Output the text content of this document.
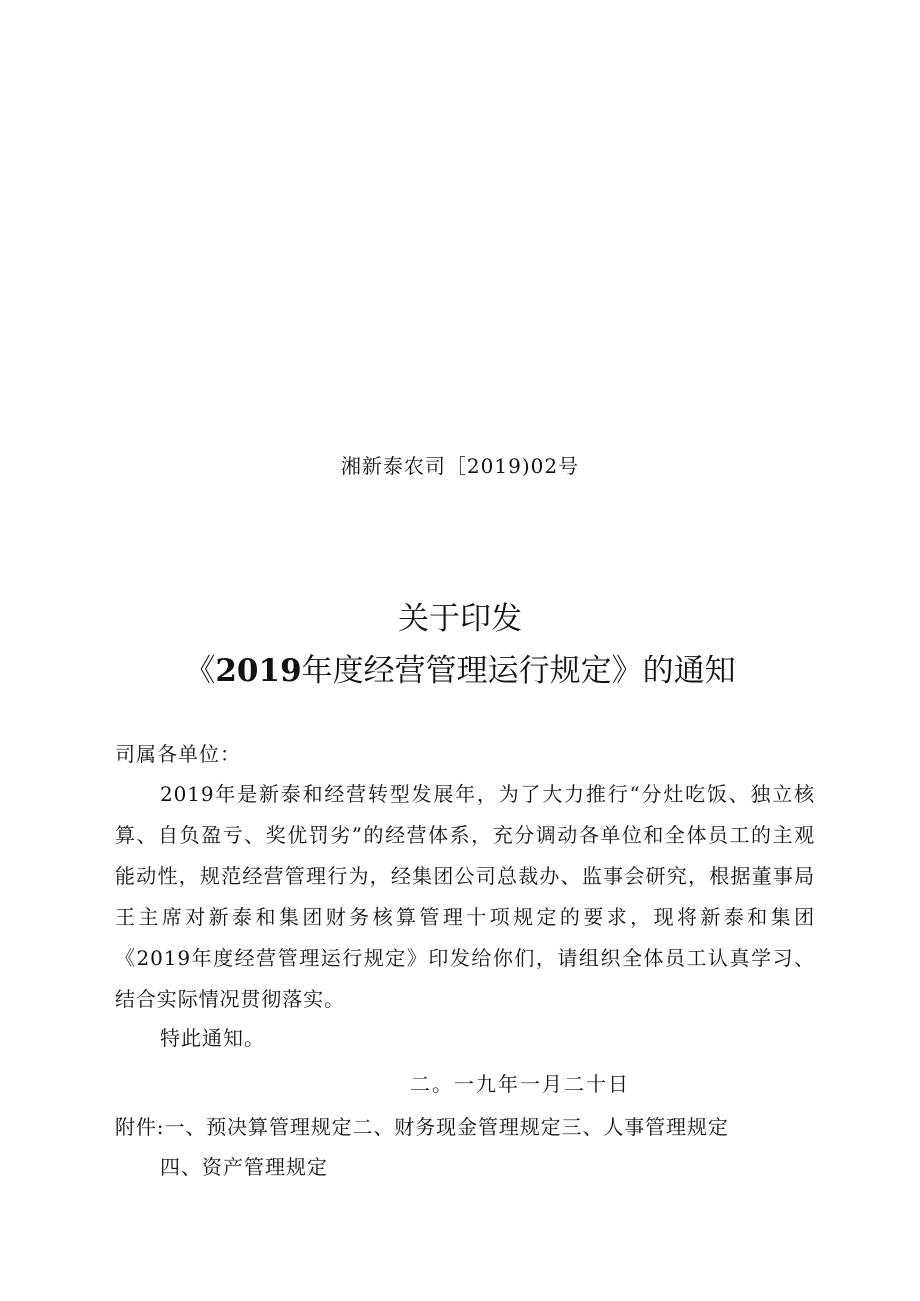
湘新泰农司［2019)02号
关于印发
《2019年度经营管理运行规定》的通知
司属各单位：
2019年是新泰和经营转型发展年，为了大力推行“分灶吃饭、独立核算、自负盈亏、奖优罚劣”的经营体系，充分调动各单位和全体员工的主观能动性，规范经营管理行为，经集团公司总裁办、监事会研究，根据董事局王主席对新泰和集团财务核算管理十项规定的要求，现将新泰和集团《2019年度经营管理运行规定》印发给你们，请组织全体员工认真学习、结合实际情况贯彻落实。
特此通知。
二。一九年一月二十日
附件:一、预决算管理规定二、财务现金管理规定三、人事管理规定
四、资产管理规定
